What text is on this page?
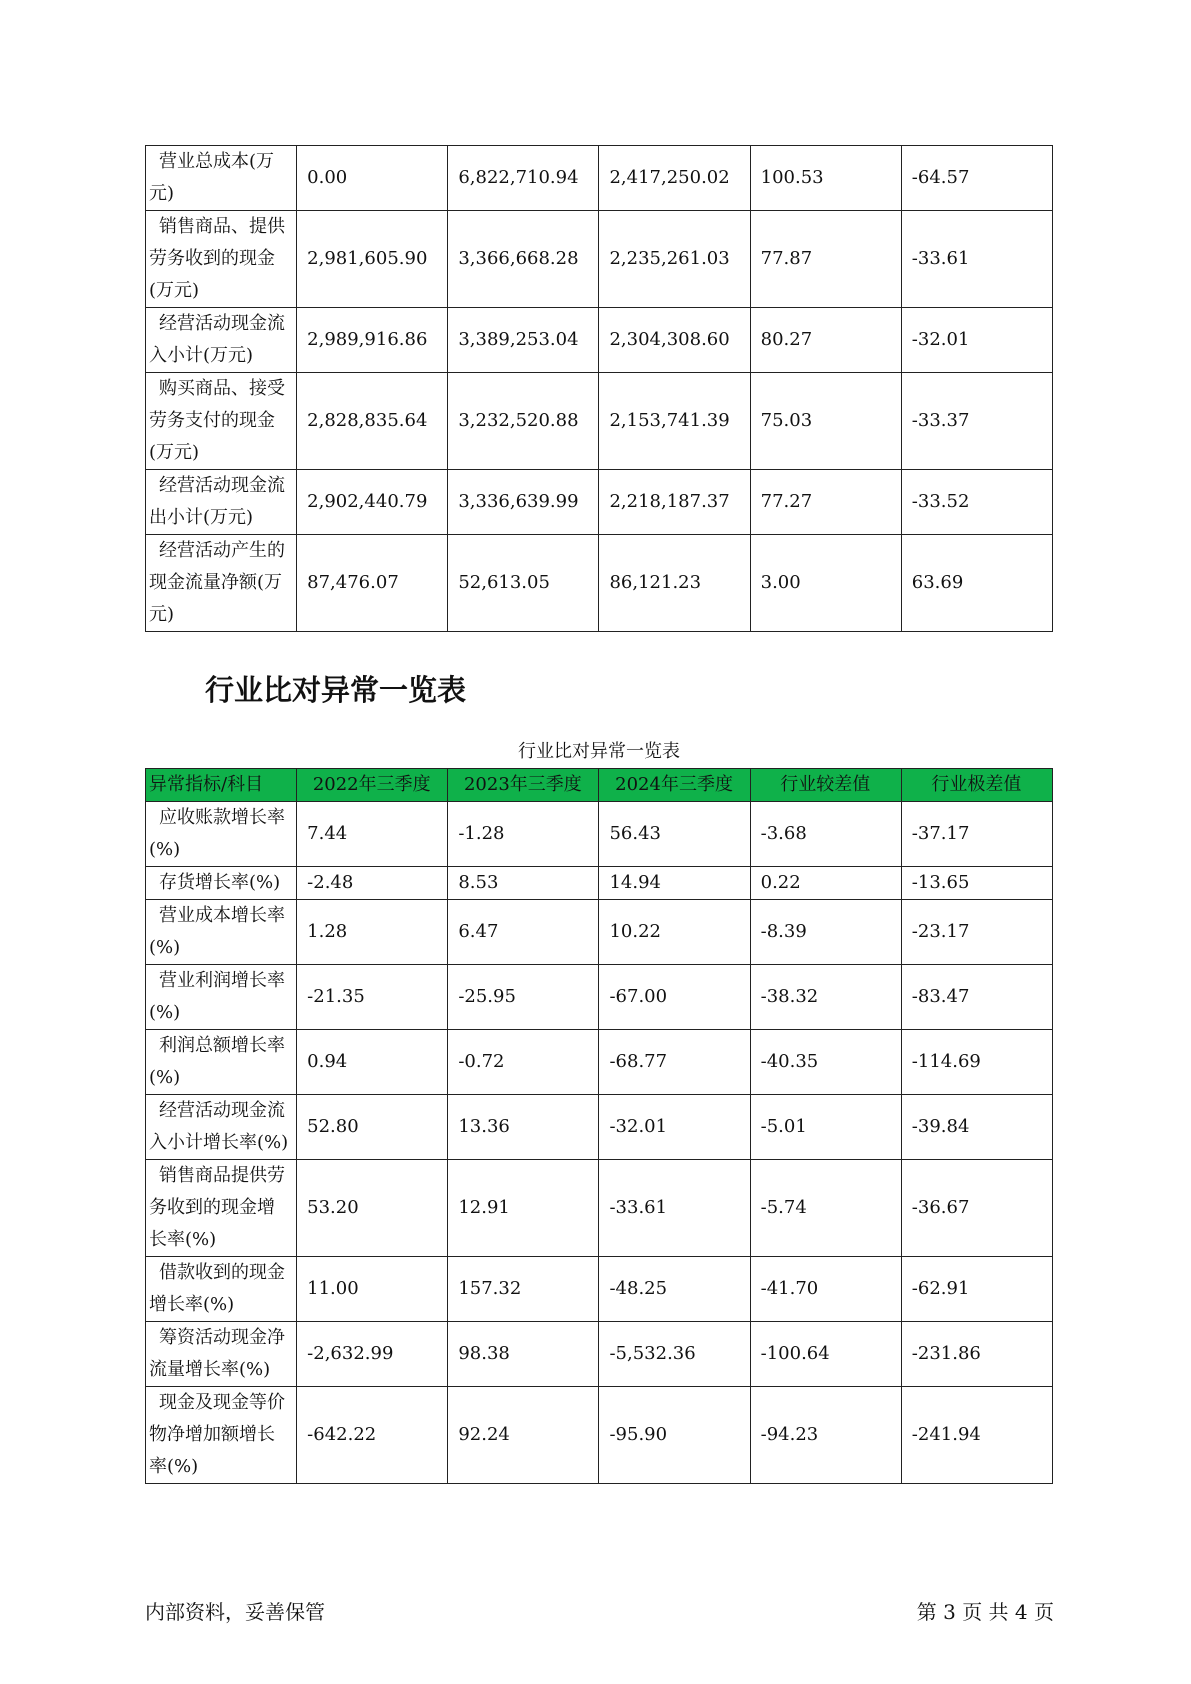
营业总成本(万元)	0.00	6,822,710.94	2,417,250.02	100.53	-64.57
销售商品、提供劳务收到的现金(万元)	2,981,605.90	3,366,668.28	2,235,261.03	77.87	-33.61
经营活动现金流入小计(万元)	2,989,916.86	3,389,253.04	2,304,308.60	80.27	-32.01
购买商品、接受劳务支付的现金(万元)	2,828,835.64	3,232,520.88	2,153,741.39	75.03	-33.37
经营活动现金流出小计(万元)	2,902,440.79	3,336,639.99	2,218,187.37	77.27	-33.52
经营活动产生的现金流量净额(万元)	87,476.07	52,613.05	86,121.23	3.00	63.69
行业比对异常一览表
行业比对异常一览表
异常指标/科目	2022年三季度	2023年三季度	2024年三季度	行业较差值	行业极差值
应收账款增长率(%)	7.44	-1.28	56.43	-3.68	-37.17
存货增长率(%)	-2.48	8.53	14.94	0.22	-13.65
营业成本增长率(%)	1.28	6.47	10.22	-8.39	-23.17
营业利润增长率(%)	-21.35	-25.95	-67.00	-38.32	-83.47
利润总额增长率(%)	0.94	-0.72	-68.77	-40.35	-114.69
经营活动现金流入小计增长率(%)	52.80	13.36	-32.01	-5.01	-39.84
销售商品提供劳务收到的现金增长率(%)	53.20	12.91	-33.61	-5.74	-36.67
借款收到的现金增长率(%)	11.00	157.32	-48.25	-41.70	-62.91
筹资活动现金净流量增长率(%)	-2,632.99	98.38	-5,532.36	-100.64	-231.86
现金及现金等价物净增加额增长率(%)	-642.22	92.24	-95.90	-94.23	-241.94
内部资料，妥善保管	第 3 页 共 4 页
